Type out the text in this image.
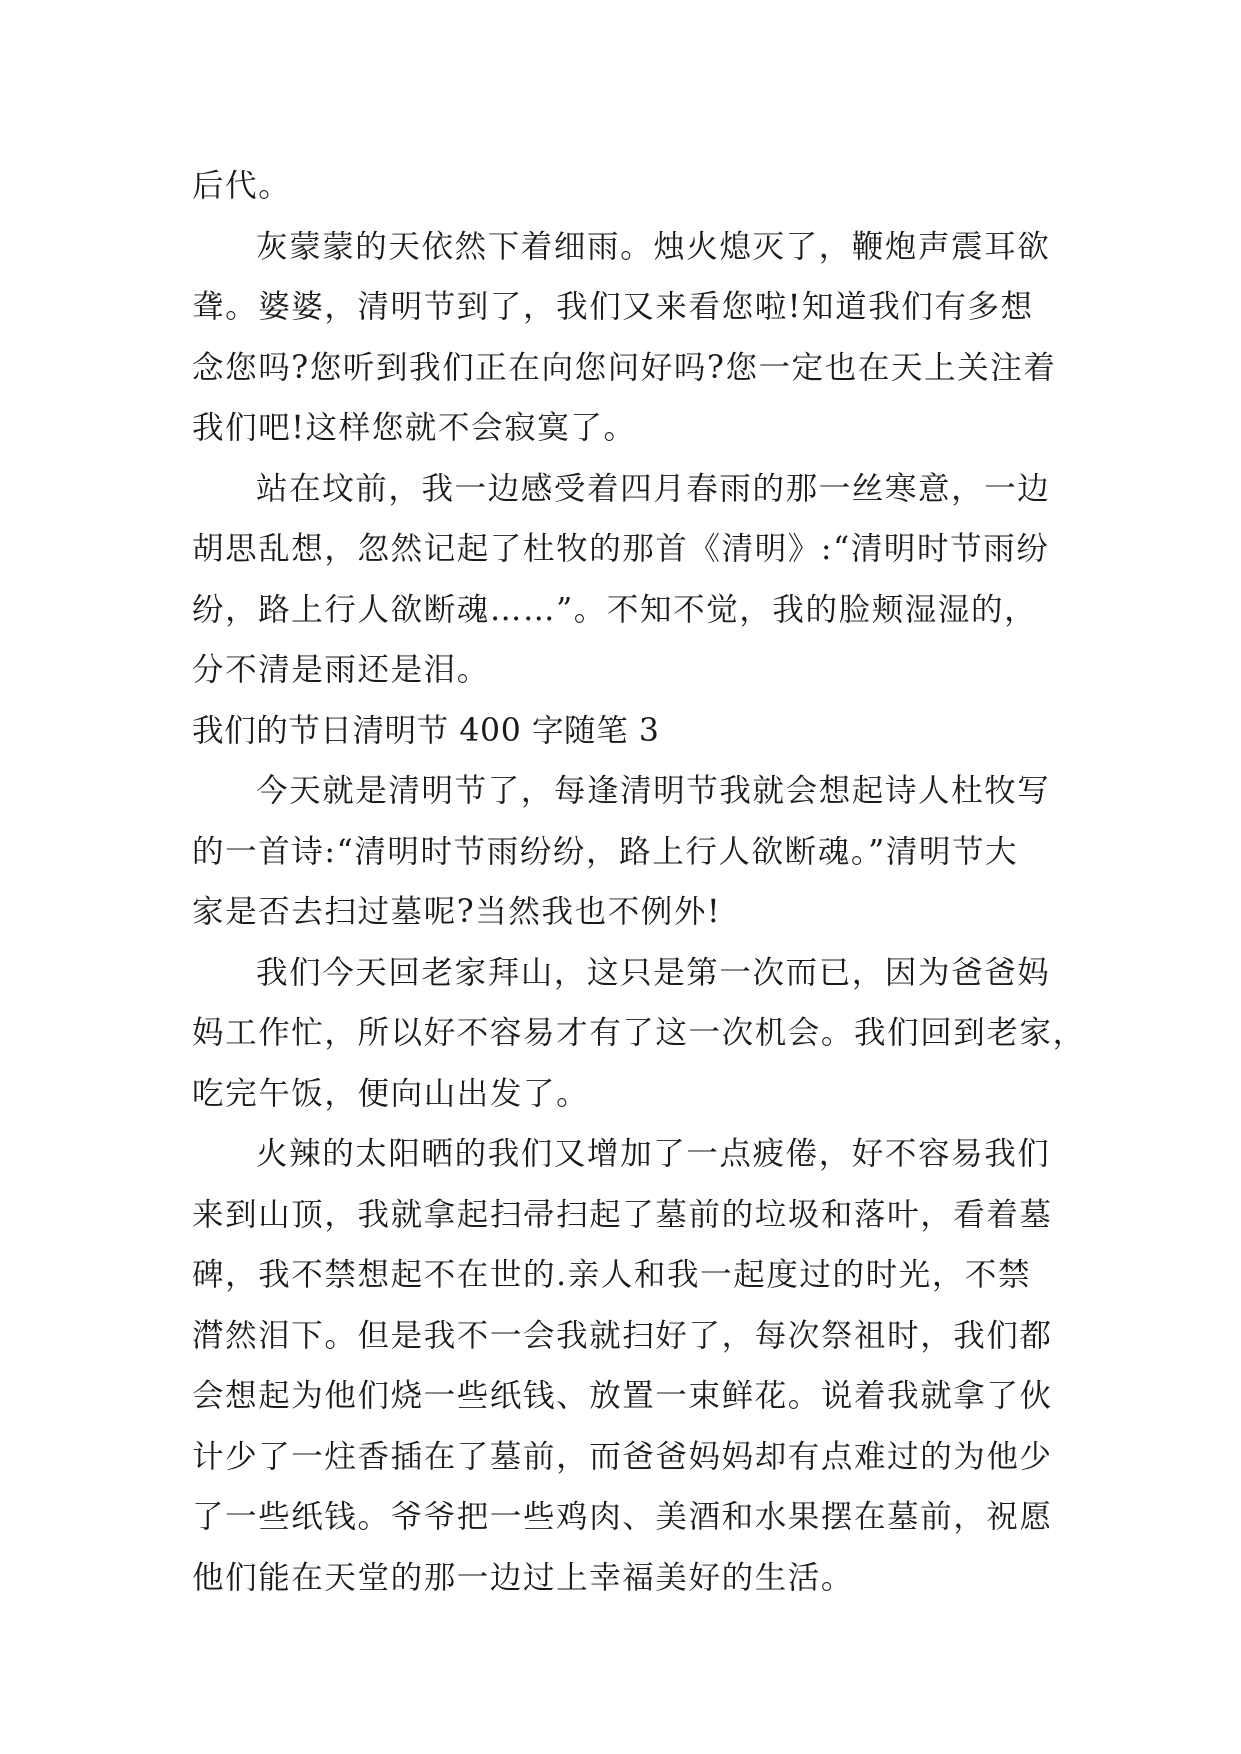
后代。
灰蒙蒙的天依然下着细雨。烛火熄灭了，鞭炮声震耳欲
聋。婆婆，清明节到了，我们又来看您啦!知道我们有多想
念您吗?您听到我们正在向您问好吗?您一定也在天上关注着
我们吧!这样您就不会寂寞了。
站在坟前，我一边感受着四月春雨的那一丝寒意，一边
胡思乱想，忽然记起了杜牧的那首《清明》:“清明时节雨纷
纷，路上行人欲断魂……”。不知不觉，我的脸颊湿湿的，
分不清是雨还是泪。
我们的节日清明节 400 字随笔 3
今天就是清明节了，每逢清明节我就会想起诗人杜牧写
的一首诗:“清明时节雨纷纷，路上行人欲断魂。”清明节大
家是否去扫过墓呢?当然我也不例外!
我们今天回老家拜山，这只是第一次而已，因为爸爸妈
妈工作忙，所以好不容易才有了这一次机会。我们回到老家，
吃完午饭，便向山出发了。
火辣的太阳晒的我们又增加了一点疲倦，好不容易我们
来到山顶，我就拿起扫帚扫起了墓前的垃圾和落叶，看着墓
碑，我不禁想起不在世的.亲人和我一起度过的时光，不禁
潸然泪下。但是我不一会我就扫好了，每次祭祖时，我们都
会想起为他们烧一些纸钱、放置一束鲜花。说着我就拿了伙
计少了一炷香插在了墓前，而爸爸妈妈却有点难过的为他少
了一些纸钱。爷爷把一些鸡肉、美酒和水果摆在墓前，祝愿
他们能在天堂的那一边过上幸福美好的生活。
